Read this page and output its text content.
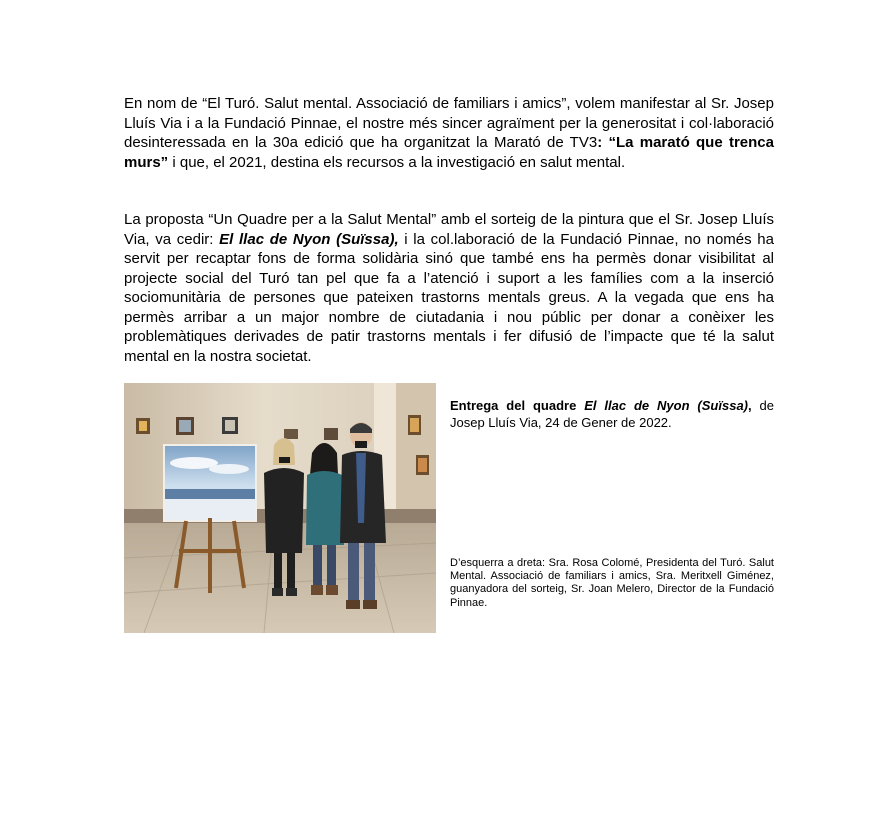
En nom de “El Turó. Salut mental. Associació de familiars i amics”, volem manifestar al Sr. Josep Lluís Via i a la Fundació Pinnae, el nostre més sincer agraïment per la generositat i col·laboració desinteressada en la 30a edició que ha organitzat la Marató de TV3: “La marató que trenca murs” i que, el 2021, destina els recursos a la investigació en salut mental.

La proposta “Un Quadre per a la Salut Mental” amb el sorteig de la pintura que el Sr. Josep Lluís Via, va cedir: El llac de Nyon (Suïssa), i la col.laboració de la Fundació Pinnae, no només ha servit per recaptar fons de forma solidària sinó que també ens ha permès donar visibilitat al projecte social del Turó tan pel que fa a l’atenció i suport a les famílies com a la inserció sociomunitària de persones que pateixen trastorns mentals greus. A la vegada que ens ha permès arribar a un major nombre de ciutadania i nou públic per donar a conèixer les problemàtiques derivades de patir trastorns mentals i fer difusió de l’impacte que té la salut mental en la nostra societat.

Entrega del quadre El llac de Nyon (Suïssa), de Josep Lluís Via, 24 de Gener de 2022.

D’esquerra a dreta: Sra. Rosa Colomé, Presidenta del Turó. Salut Mental. Associació de familiars i amics, Sra. Meritxell Giménez, guanyadora del sorteig, Sr. Joan Melero, Director de la Fundació Pinnae.
